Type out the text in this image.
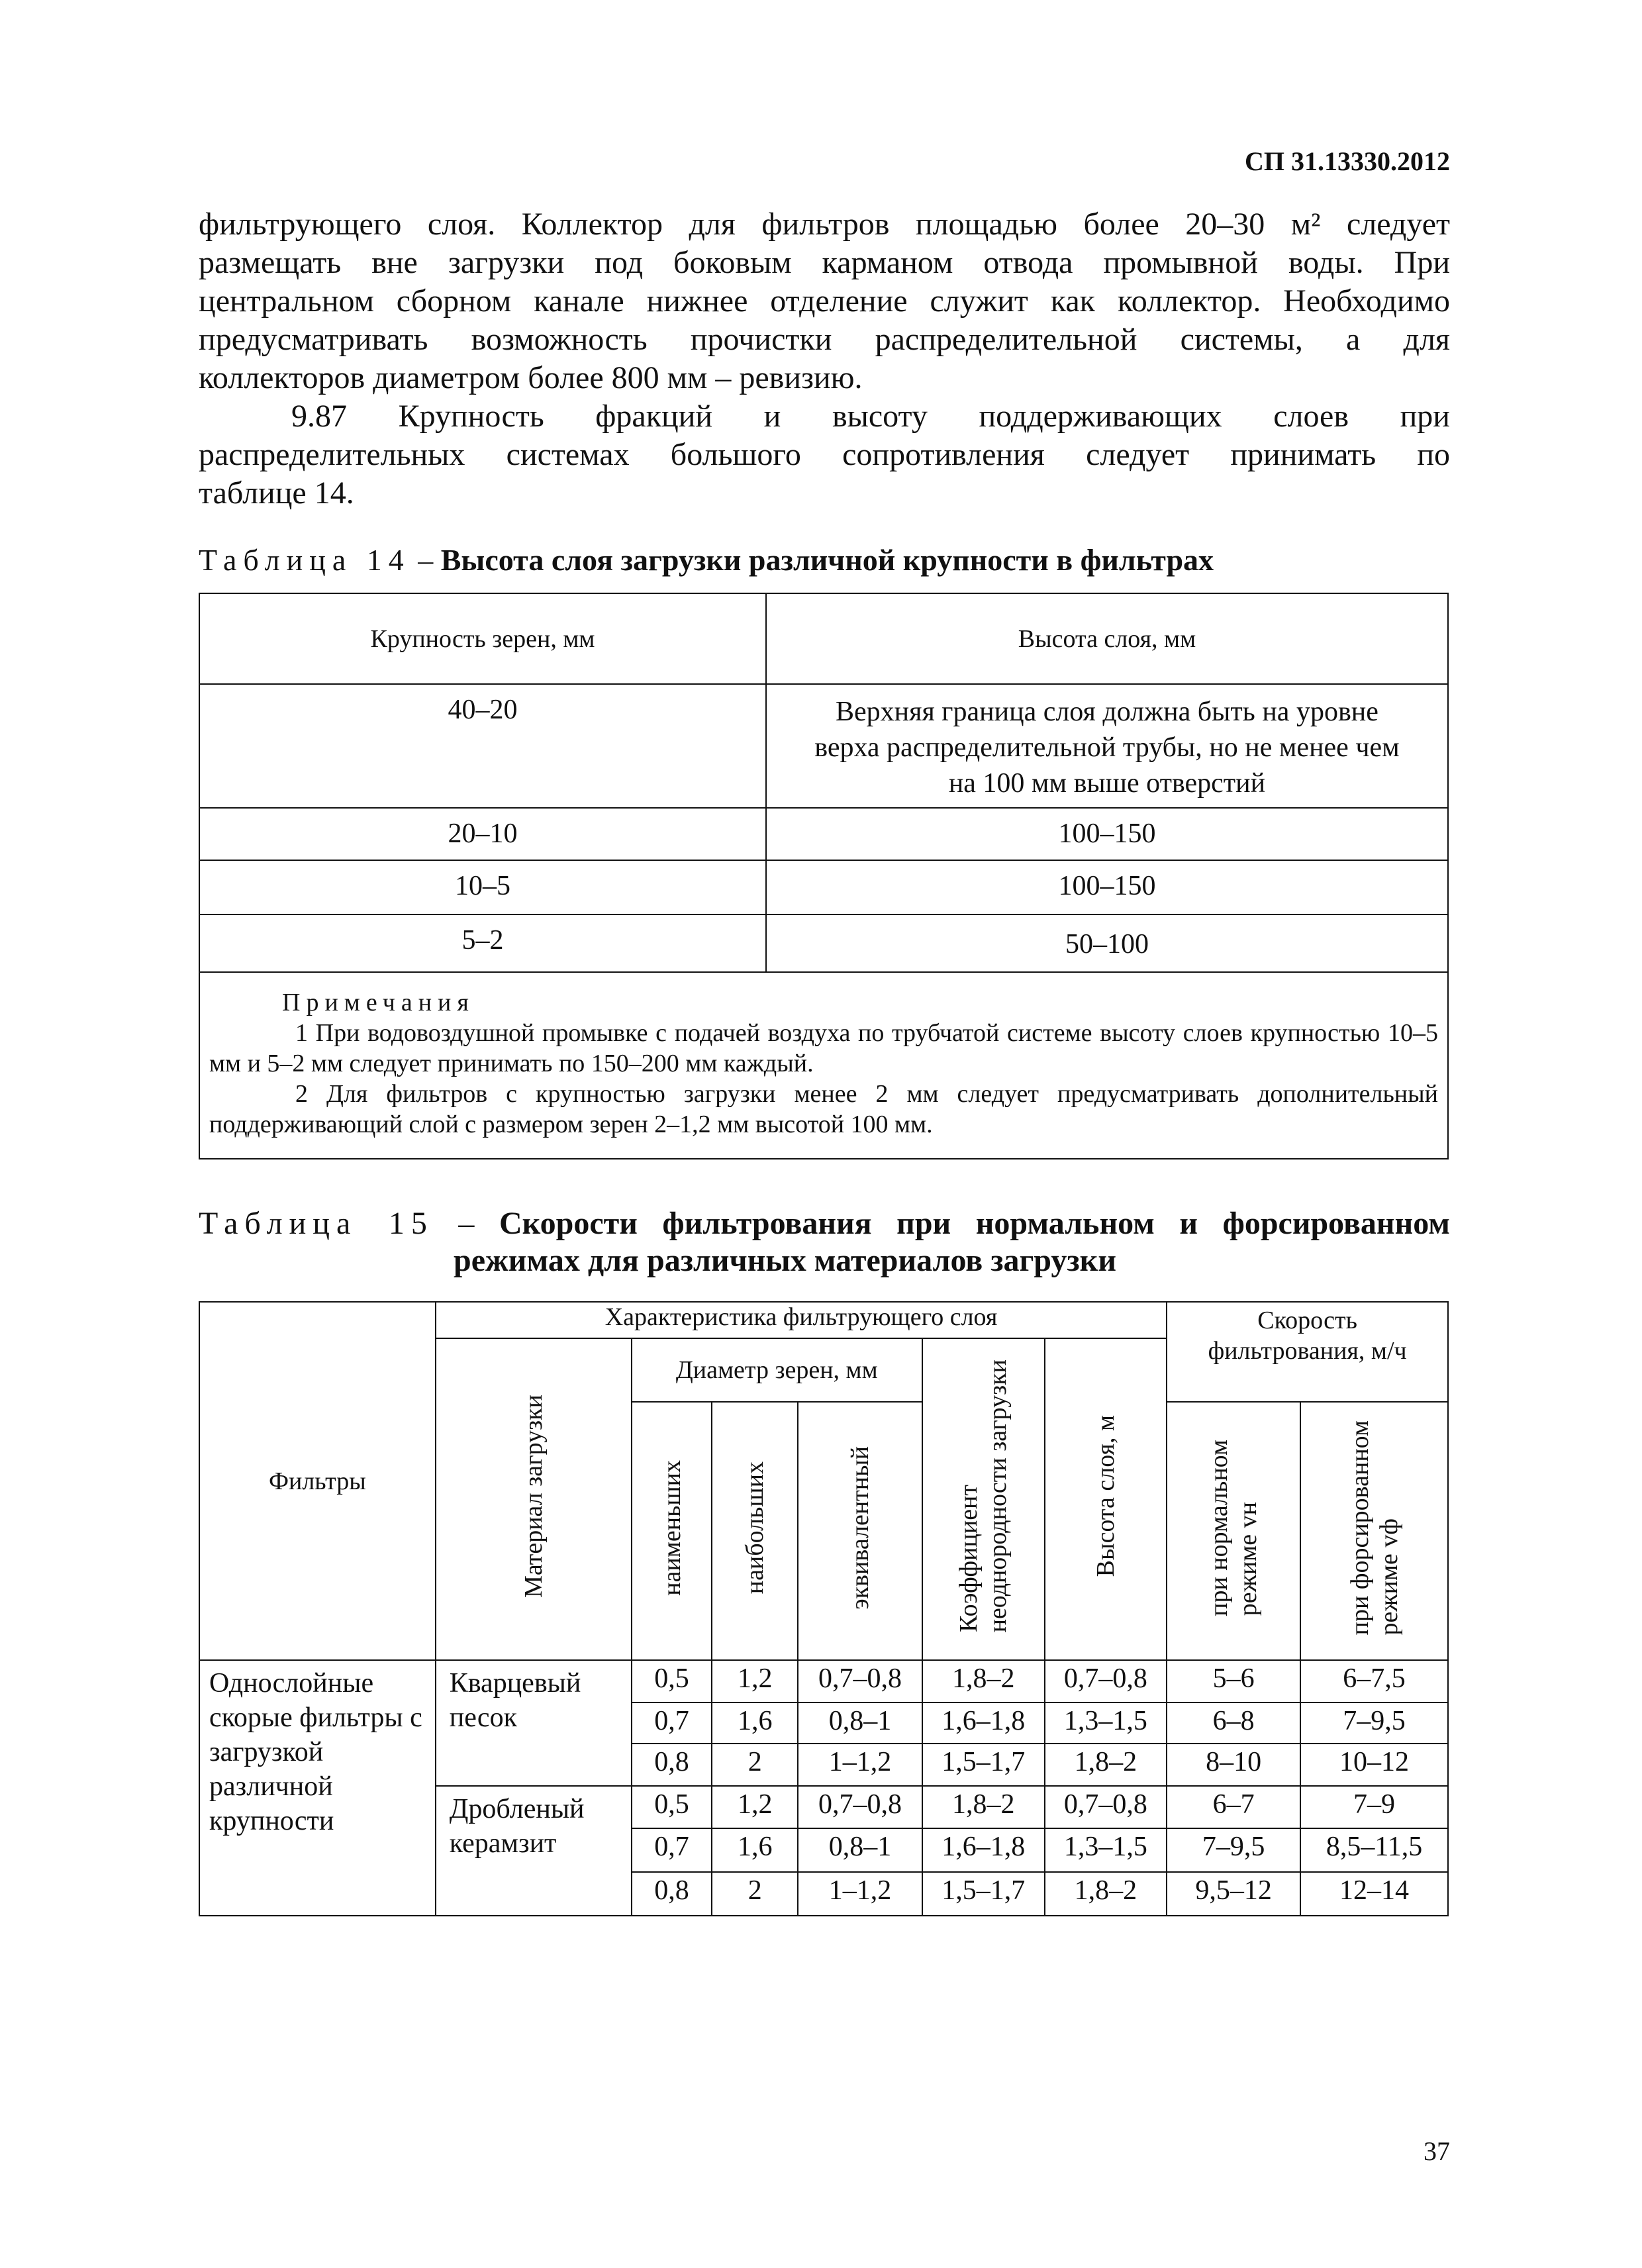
СП 31.13330.2012
фильтрующего слоя. Коллектор для фильтров площадью более 20–30 м² следует
размещать вне загрузки под боковым карманом отвода промывной воды. При
центральном сборном канале нижнее отделение служит как коллектор. Необходимо
предусматривать возможность прочистки распределительной системы, а для
коллекторов диаметром более 800 мм – ревизию.
9.87 Крупность фракций и высоту поддерживающих слоев при
распределительных системах большого сопротивления следует принимать по
таблице 14.
Таблица 14 – Высота слоя загрузки различной крупности в фильтрах
Крупность зерен, мм	Высота слоя, мм
40–20	Верхняя граница слоя должна быть на уровне верха распределительной трубы, но не менее чем на 100 мм выше отверстий
20–10	100–150
10–5	100–150
5–2	50–100

Примечания
1 При водовоздушной промывке с подачей воздуха по трубчатой системе высоту слоев крупностью 10–5 мм и 5–2 мм следует принимать по 150–200 мм каждый.
2 Для фильтров с крупностью загрузки менее 2 мм следует предусматривать дополнительный поддерживающий слой с размером зерен 2–1,2 мм высотой 100 мм.	
Таблица 15 – Скорости фильтрования при нормальном и форсированном
режимах для различных материалов загрузки
Фильтры	Характеристика фильтрующего слоя						Скорость фильтрования, м/ч	
	Материал загрузки	Диаметр зерен, мм			Коэффициентнеоднородности загрузки	Высота слоя, м		
		наименьших	наибольших	эквивалентный			при нормальномрежиме vн	при форсированномрежиме vф
Однослойные скорые фильтры с загрузкой различной крупности	Кварцевый песок	0,5	1,2	0,7–0,8	1,8–2	0,7–0,8	5–6	6–7,5
		0,7	1,6	0,8–1	1,6–1,8	1,3–1,5	6–8	7–9,5
		0,8	2	1–1,2	1,5–1,7	1,8–2	8–10	10–12
	Дробленый керамзит	0,5	1,2	0,7–0,8	1,8–2	0,7–0,8	6–7	7–9
		0,7	1,6	0,8–1	1,6–1,8	1,3–1,5	7–9,5	8,5–11,5
		0,8	2	1–1,2	1,5–1,7	1,8–2	9,5–12	12–14
37
